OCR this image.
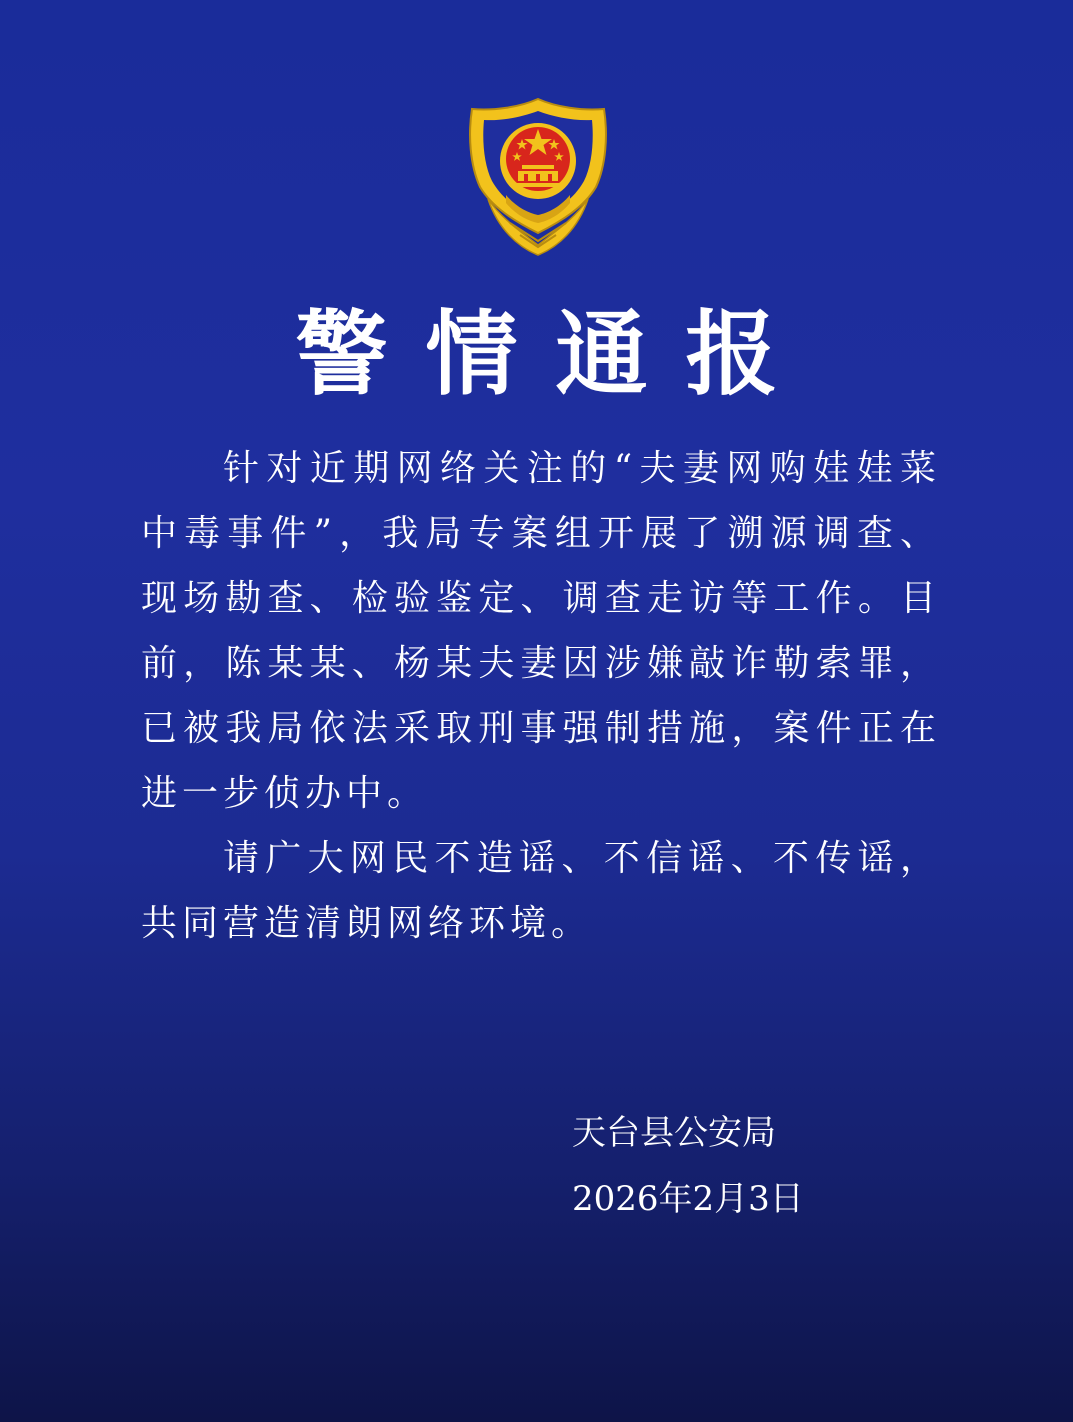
警情通报

针对近期网络关注的“夫妻网购娃娃菜中毒事件”，我局专案组开展了溯源调查、现场勘查、检验鉴定、调查走访等工作。目前，陈某某、杨某夫妻因涉嫌敲诈勒索罪，已被我局依法采取刑事强制措施，案件正在进一步侦办中。

请广大网民不造谣、不信谣、不传谣，共同营造清朗网络环境。

天台县公安局
2026年2月3日
